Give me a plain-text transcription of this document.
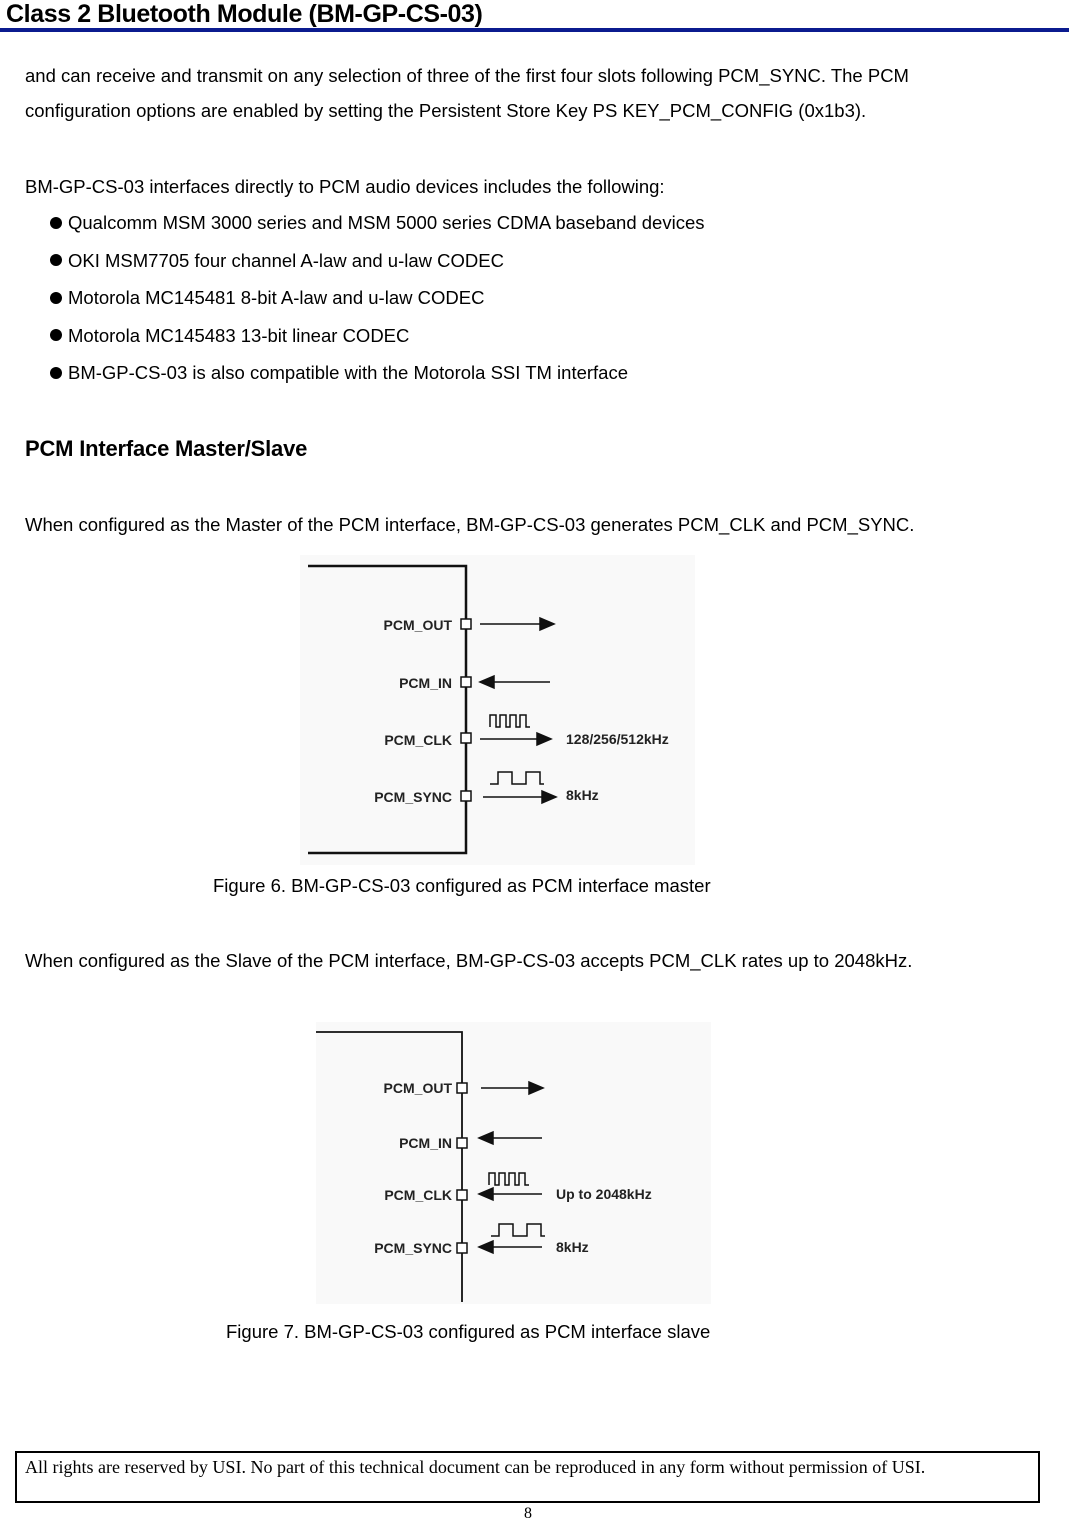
Class 2 Bluetooth Module (BM-GP-CS-03)
and can receive and transmit on any selection of three of the first four slots following PCM_SYNC. The PCM
configuration options are enabled by setting the Persistent Store Key PS KEY_PCM_CONFIG (0x1b3).
BM-GP-CS-03 interfaces directly to PCM audio devices includes the following:
Qualcomm MSM 3000 series and MSM 5000 series CDMA baseband devices
OKI MSM7705 four channel A-law and u-law CODEC
Motorola MC145481 8-bit A-law and u-law CODEC
Motorola MC145483 13-bit linear CODEC
BM-GP-CS-03 is also compatible with the Motorola SSI TM interface
PCM Interface Master/Slave
When configured as the Master of the PCM interface, BM-GP-CS-03 generates PCM_CLK and PCM_SYNC.
PCM_OUT
PCM_IN
PCM_CLK
PCM_SYNC
128/256/512kHz
8kHz
Figure 6. BM-GP-CS-03 configured as PCM interface master
When configured as the Slave of the PCM interface, BM-GP-CS-03 accepts PCM_CLK rates up to 2048kHz.
PCM_OUT
PCM_IN
PCM_CLK
PCM_SYNC
Up to 2048kHz
8kHz
Figure 7. BM-GP-CS-03 configured as PCM interface slave
All rights are reserved by USI. No part of this technical document can be reproduced in any form without permission of USI.
8
